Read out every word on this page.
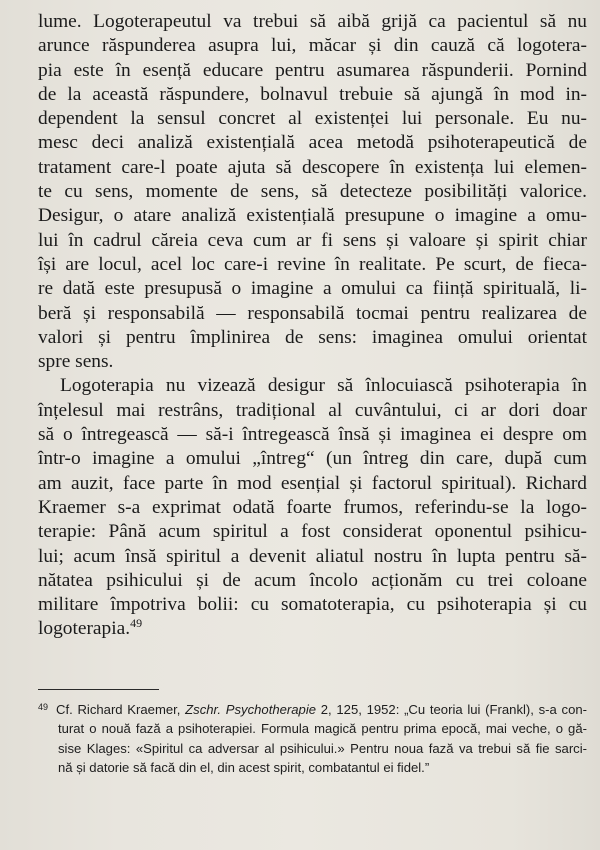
lume. Logoterapeutul va trebui să aibă grijă ca pacientul să nu
arunce răspunderea asupra lui, măcar și din cauză că logotera-
pia este în esență educare pentru asumarea răspunderii. Pornind
de la această răspundere, bolnavul trebuie să ajungă în mod in-
dependent la sensul concret al existenței lui personale. Eu nu-
mesc deci analiză existențială acea metodă psihoterapeutică de
tratament care-l poate ajuta să descopere în existența lui elemen-
te cu sens, momente de sens, să detecteze posibilități valorice.
Desigur, o atare analiză existențială presupune o imagine a omu-
lui în cadrul căreia ceva cum ar fi sens și valoare și spirit chiar
își are locul, acel loc care-i revine în realitate. Pe scurt, de fieca-
re dată este presupusă o imagine a omului ca ființă spirituală, li-
beră și responsabilă — responsabilă tocmai pentru realizarea de
valori și pentru împlinirea de sens: imaginea omului orientat
spre sens.

Logoterapia nu vizează desigur să înlocuiască psihoterapia în
înțelesul mai restrâns, tradițional al cuvântului, ci ar dori doar
să o întregească — să-i întregească însă și imaginea ei despre om
într-o imagine a omului „întreg“ (un întreg din care, după cum
am auzit, face parte în mod esențial și factorul spiritual). Richard
Kraemer s-a exprimat odată foarte frumos, referindu-se la logo-
terapie: Până acum spiritul a fost considerat oponentul psihicu-
lui; acum însă spiritul a devenit aliatul nostru în lupta pentru să-
nătatea psihicului și de acum încolo acționăm cu trei coloane
militare împotriva bolii: cu somatoterapia, cu psihoterapia și cu
logoterapia.$^{49}$

$^{49}$ Cf. Richard Kraemer, Zschr. Psychotherapie 2, 125, 1952: „Cu teoria lui (Frankl), s-a con-
turat o nouă fază a psihoterapiei. Formula magică pentru prima epocă, mai veche, o gă-
sise Klages: «Spiritul ca adversar al psihicului.» Pentru noua fază va trebui să fie sarci-
nă și datorie să facă din el, din acest spirit, combatantul ei fidel.”
